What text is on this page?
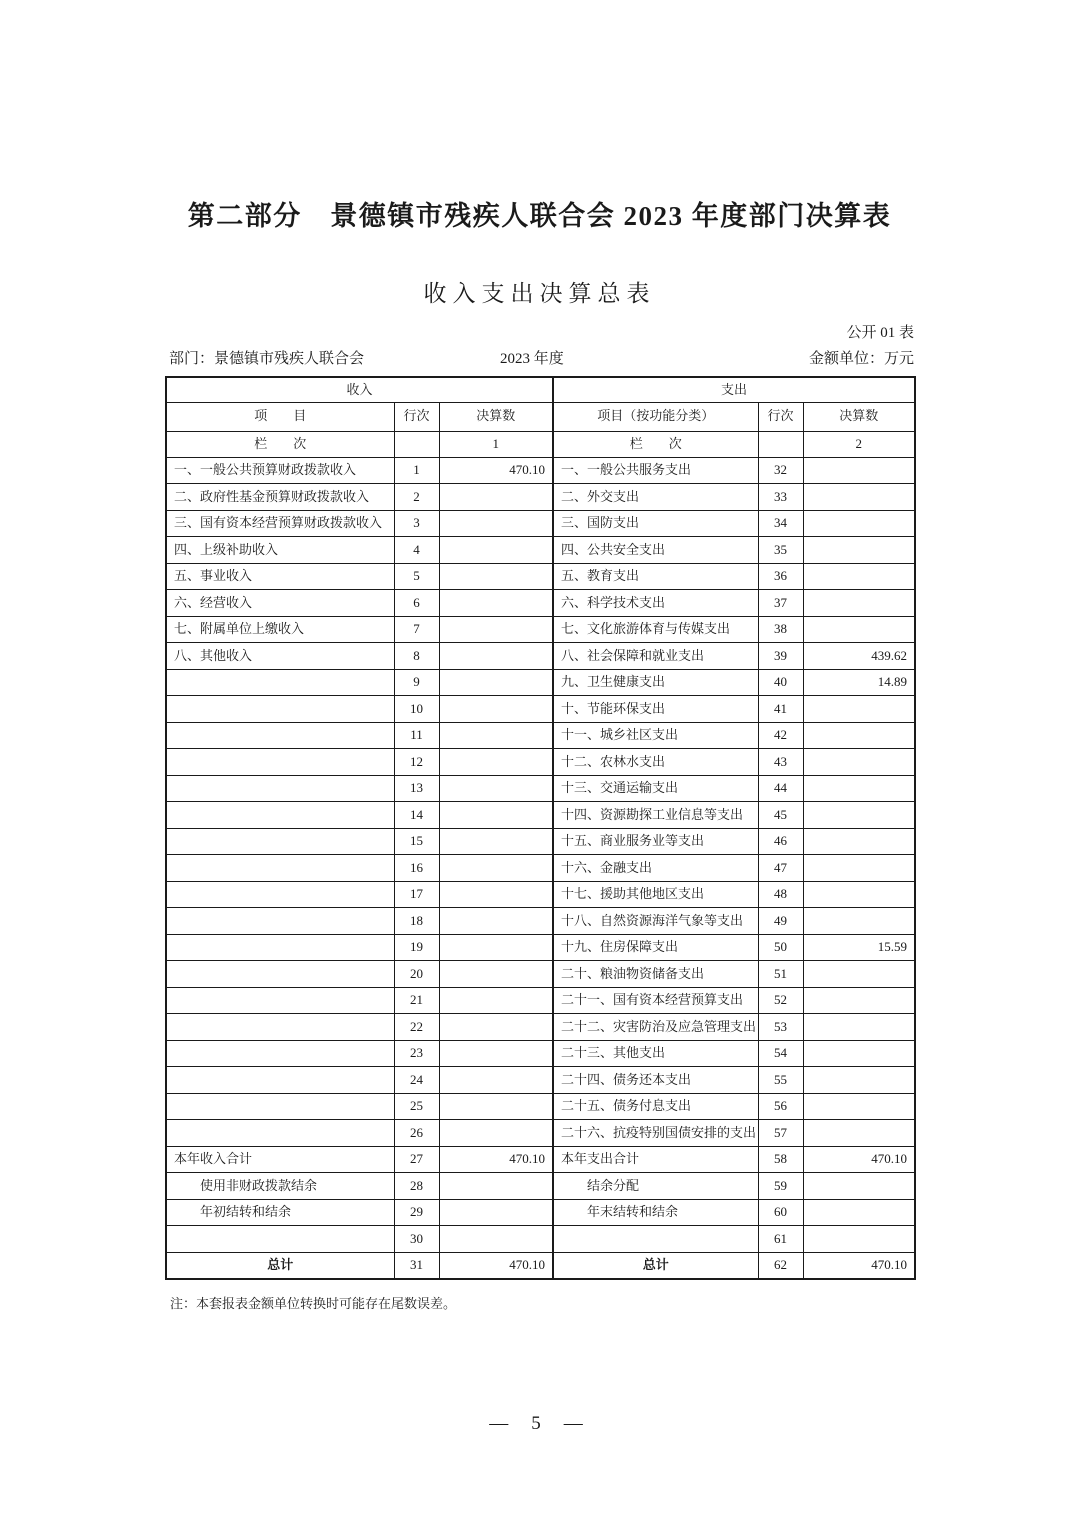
第二部分　景德镇市残疾人联合会 2023 年度部门决算表
收入支出决算总表
公开 01 表
部门：景德镇市残疾人联合会	2023 年度	金额单位：万元
收入			支出		
项　　目	行次	决算数	项目（按功能分类）	行次	决算数
栏　　次		1	栏　　次		2
一、一般公共预算财政拨款收入	1	470.10	一、一般公共服务支出	32	
二、政府性基金预算财政拨款收入	2		二、外交支出	33	
三、国有资本经营预算财政拨款收入	3		三、国防支出	34	
四、上级补助收入	4		四、公共安全支出	35	
五、事业收入	5		五、教育支出	36	
六、经营收入	6		六、科学技术支出	37	
七、附属单位上缴收入	7		七、文化旅游体育与传媒支出	38	
八、其他收入	8		八、社会保障和就业支出	39	439.62
	9		九、卫生健康支出	40	14.89
	10		十、节能环保支出	41	
	11		十一、城乡社区支出	42	
	12		十二、农林水支出	43	
	13		十三、交通运输支出	44	
	14		十四、资源勘探工业信息等支出	45	
	15		十五、商业服务业等支出	46	
	16		十六、金融支出	47	
	17		十七、援助其他地区支出	48	
	18		十八、自然资源海洋气象等支出	49	
	19		十九、住房保障支出	50	15.59
	20		二十、粮油物资储备支出	51	
	21		二十一、国有资本经营预算支出	52	
	22		二十二、灾害防治及应急管理支出	53	
	23		二十三、其他支出	54	
	24		二十四、债务还本支出	55	
	25		二十五、债务付息支出	56	
	26		二十六、抗疫特别国债安排的支出	57	
本年收入合计	27	470.10	本年支出合计	58	470.10
　　使用非财政拨款结余	28		　　结余分配	59	
　　年初结转和结余	29		　　年末结转和结余	60	
	30			61	
总计	31	470.10	总计	62	470.10
注：本套报表金额单位转换时可能存在尾数误差。
—　5　—
